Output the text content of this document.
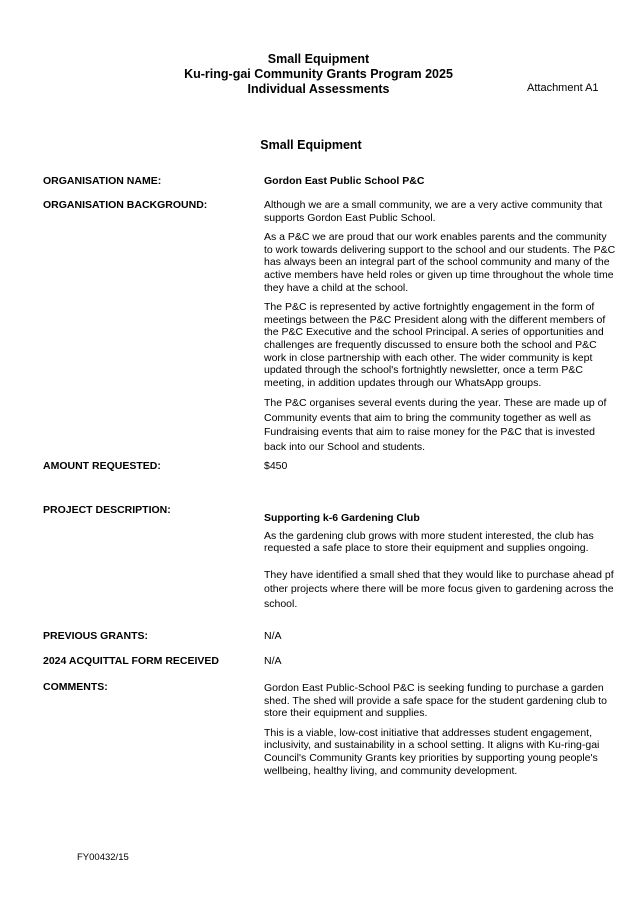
Small Equipment
Ku-ring-gai Community Grants Program 2025
Individual Assessments	Attachment A1
Small Equipment
ORGANISATION NAME:	Gordon East Public School P&C
ORGANISATION BACKGROUND:	Although we are a small community, we are a very active community that supports Gordon East Public School.

As a P&C we are proud that our work enables parents and the community to work towards delivering support to the school and our students. The P&C has always been an integral part of the school community and many of the active members have held roles or given up time throughout the whole time they have a child at the school.

The P&C is represented by active fortnightly engagement in the form of meetings between the P&C President along with the different members of the P&C Executive and the school Principal. A series of opportunities and challenges are frequently discussed to ensure both the school and P&C work in close partnership with each other. The wider community is kept updated through the school's fortnightly newsletter, once a term P&C meeting, in addition updates through our WhatsApp groups.

The P&C organises several events during the year. These are made up of Community events that aim to bring the community together as well as Fundraising events that aim to raise money for the P&C that is invested back into our School and students.

AMOUNT REQUESTED:	$450
PROJECT DESCRIPTION:

Supporting k-6 Gardening Club

As the gardening club grows with more student interested, the club has requested a safe place to store their equipment and supplies ongoing.

They have identified a small shed that they would like to purchase ahead pf other projects where there will be more focus given to gardening across the school.

PREVIOUS GRANTS:	N/A
2024 ACQUITTAL FORM RECEIVED	N/A
COMMENTS:	Gordon East Public-School P&C is seeking funding to purchase a garden shed. The shed will provide a safe space for the student gardening club to store their equipment and supplies.

This is a viable, low-cost initiative that addresses student engagement, inclusivity, and sustainability in a school setting. It aligns with Ku-ring-gai Council's Community Grants key priorities by supporting young people's wellbeing, healthy living, and community development.

FY00432/15
